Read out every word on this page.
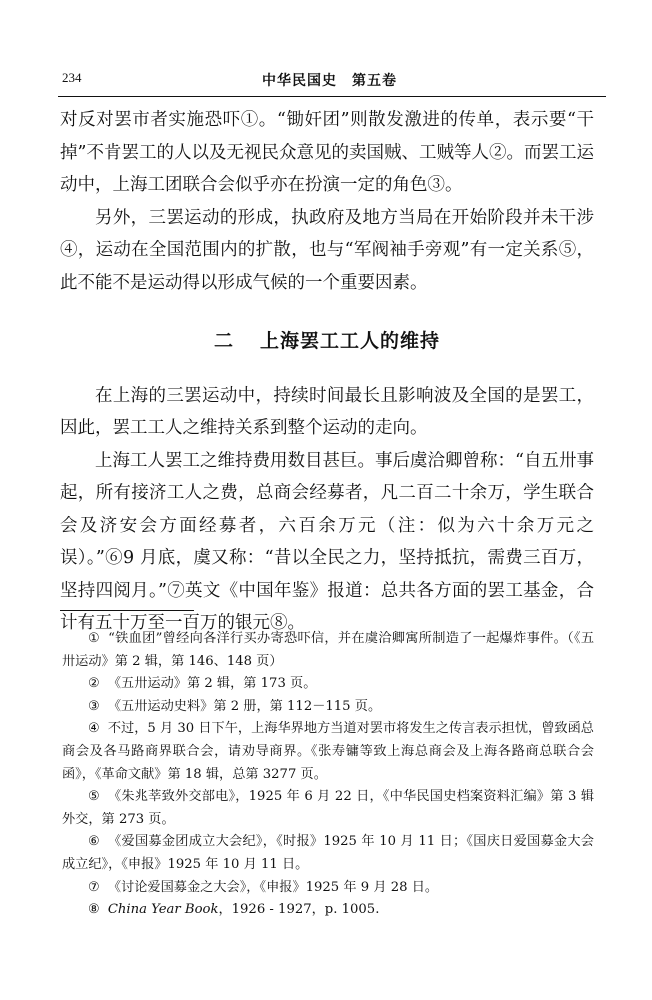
234	中华民国史　第五卷

对反对罢市者实施恐吓①。“锄奸团”则散发激进的传单，表示要“干掉”不肯罢工的人以及无视民众意见的卖国贼、工贼等人②。而罢工运动中，上海工团联合会似乎亦在扮演一定的角色③。

另外，三罢运动的形成，执政府及地方当局在开始阶段并未干涉④，运动在全国范围内的扩散，也与“军阀袖手旁观”有一定关系⑤，此不能不是运动得以形成气候的一个重要因素。

二 上海罢工工人的维持

在上海的三罢运动中，持续时间最长且影响波及全国的是罢工，因此，罢工工人之维持关系到整个运动的走向。

上海工人罢工之维持费用数目甚巨。事后虞洽卿曾称：“自五卅事起，所有接济工人之费，总商会经募者，凡二百二十余万，学生联合会及济安会方面经募者，六百余万元（注：似为六十余万元之误）。”⑥9 月底，虞又称：“昔以全民之力，坚持抵抗，需费三百万，坚持四阅月。”⑦英文《中国年鉴》报道：总共各方面的罢工基金，合计有五十万至一百万的银元⑧。

① “铁血团”曾经向各洋行买办寄恐吓信，并在虞洽卿寓所制造了一起爆炸事件。（《五卅运动》第 2 辑，第 146、148 页）

② 《五卅运动》第 2 辑，第 173 页。

③ 《五卅运动史料》第 2 册，第 112－115 页。

④ 不过，5 月 30 日下午，上海华界地方当道对罢市将发生之传言表示担忧，曾致函总商会及各马路商界联合会，请劝导商界。《张寿镛等致上海总商会及上海各路商总联合会函》，《革命文献》第 18 辑，总第 3277 页。

⑤ 《朱兆莘致外交部电》，1925 年 6 月 22 日，《中华民国史档案资料汇编》第 3 辑外交，第 273 页。

⑥ 《爱国募金团成立大会纪》，《时报》1925 年 10 月 11 日；《国庆日爱国募金大会成立纪》，《申报》1925 年 10 月 11 日。

⑦ 《讨论爱国募金之大会》，《申报》1925 年 9 月 28 日。

⑧ China Year Book，1926 - 1927，p. 1005.
